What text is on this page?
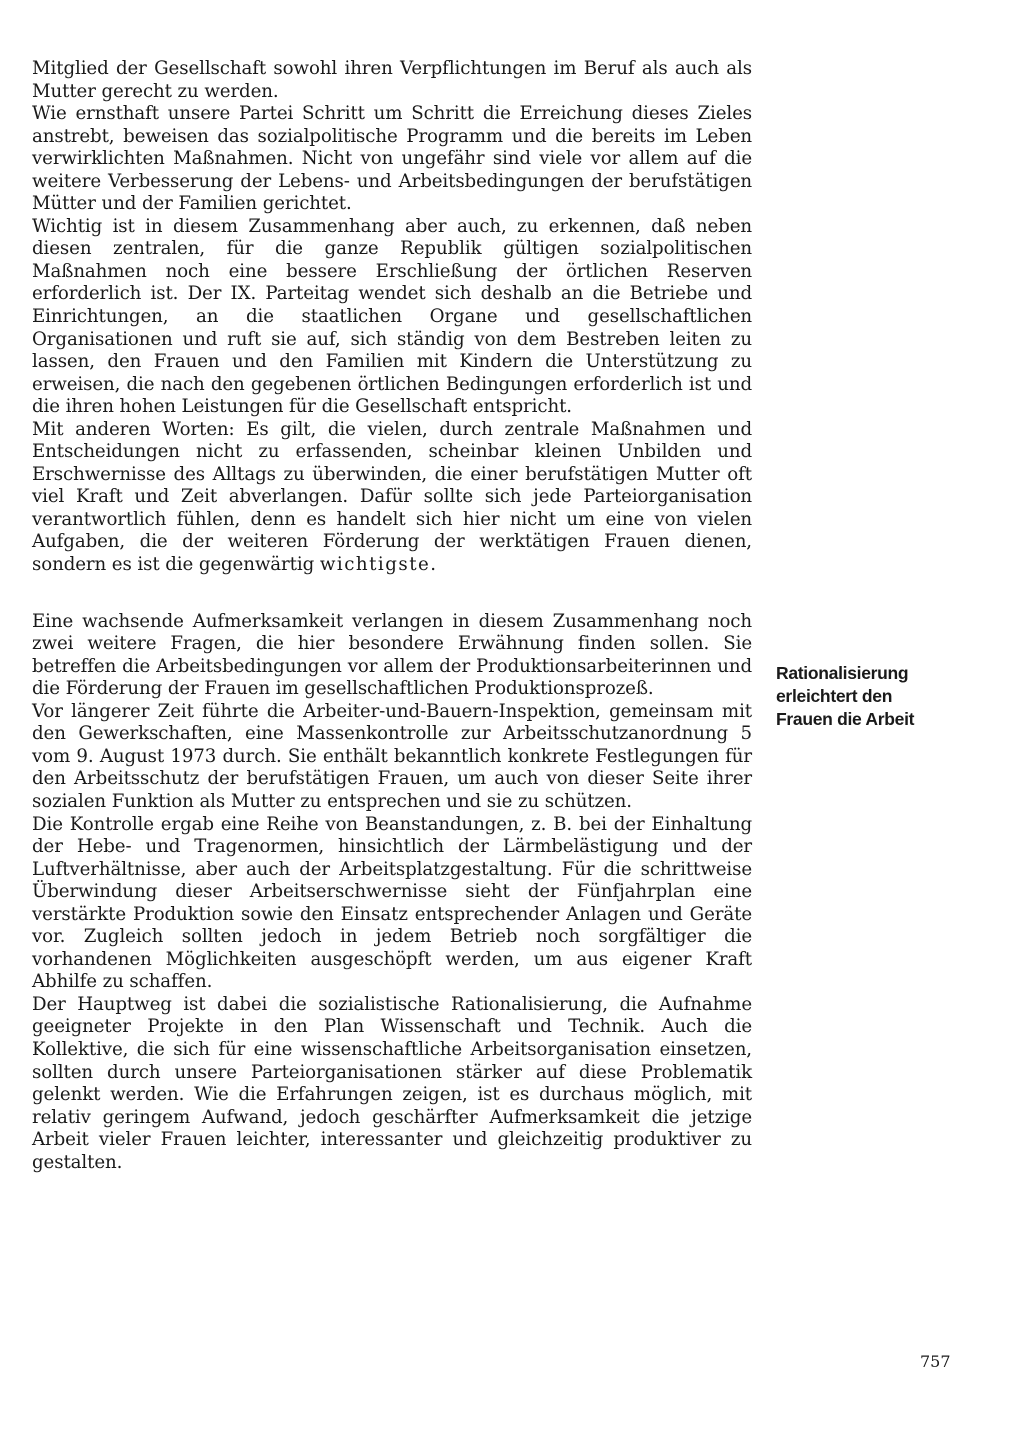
Mitglied der Gesellschaft sowohl ihren Verpflichtungen im Beruf als auch als Mutter gerecht zu werden.

Wie ernsthaft unsere Partei Schritt um Schritt die Erreichung dieses Zieles anstrebt, beweisen das sozialpolitische Programm und die bereits im Leben verwirklichten Maßnahmen. Nicht von ungefähr sind viele vor allem auf die weitere Verbesserung der Lebens- und Arbeitsbedingungen der berufstätigen Mütter und der Familien gerichtet.

Wichtig ist in diesem Zusammenhang aber auch, zu erkennen, daß neben diesen zentralen, für die ganze Republik gültigen sozialpolitischen Maßnahmen noch eine bessere Erschließung der örtlichen Reserven erforderlich ist. Der IX. Parteitag wendet sich deshalb an die Betriebe und Einrichtungen, an die staatlichen Organe und gesellschaftlichen Organisationen und ruft sie auf, sich ständig von dem Bestreben leiten zu lassen, den Frauen und den Familien mit Kindern die Unterstützung zu erweisen, die nach den gegebenen örtlichen Bedingungen erforderlich ist und die ihren hohen Leistungen für die Gesellschaft entspricht.

Mit anderen Worten: Es gilt, die vielen, durch zentrale Maßnahmen und Entscheidungen nicht zu erfassenden, scheinbar kleinen Unbilden und Erschwernisse des Alltags zu überwinden, die einer berufstätigen Mutter oft viel Kraft und Zeit abverlangen. Dafür sollte sich jede Parteiorganisation verantwortlich fühlen, denn es handelt sich hier nicht um eine von vielen Aufgaben, die der weiteren Förderung der werktätigen Frauen dienen, sondern es ist die gegenwärtig wichtigste.

Eine wachsende Aufmerksamkeit verlangen in diesem Zusammenhang noch zwei weitere Fragen, die hier besondere Erwähnung finden sollen. Sie betreffen die Arbeitsbedingungen vor allem der Produktionsarbeiterinnen und die Förderung der Frauen im gesellschaftlichen Produktionsprozeß.

Vor längerer Zeit führte die Arbeiter-und-Bauern-Inspektion, gemeinsam mit den Gewerkschaften, eine Massenkontrolle zur Arbeitsschutzanordnung 5 vom 9. August 1973 durch. Sie enthält bekanntlich konkrete Festlegungen für den Arbeitsschutz der berufstätigen Frauen, um auch von dieser Seite ihrer sozialen Funktion als Mutter zu entsprechen und sie zu schützen.

Die Kontrolle ergab eine Reihe von Beanstandungen, z. B. bei der Einhaltung der Hebe- und Tragenormen, hinsichtlich der Lärmbelästigung und der Luftverhältnisse, aber auch der Arbeitsplatzgestaltung. Für die schrittweise Überwindung dieser Arbeitserschwernisse sieht der Fünfjahrplan eine verstärkte Produktion sowie den Einsatz entsprechender Anlagen und Geräte vor. Zugleich sollten jedoch in jedem Betrieb noch sorgfältiger die vorhandenen Möglichkeiten ausgeschöpft werden, um aus eigener Kraft Abhilfe zu schaffen.

Der Hauptweg ist dabei die sozialistische Rationalisierung, die Aufnahme geeigneter Projekte in den Plan Wissenschaft und Technik. Auch die Kollektive, die sich für eine wissenschaftliche Arbeitsorganisation einsetzen, sollten durch unsere Parteiorganisationen stärker auf diese Problematik gelenkt werden. Wie die Erfahrungen zeigen, ist es durchaus möglich, mit relativ geringem Aufwand, jedoch geschärfter Aufmerksamkeit die jetzige Arbeit vieler Frauen leichter, interessanter und gleichzeitig produktiver zu gestalten.

Rationalisierung
erleichtert den
Frauen die Arbeit
757
